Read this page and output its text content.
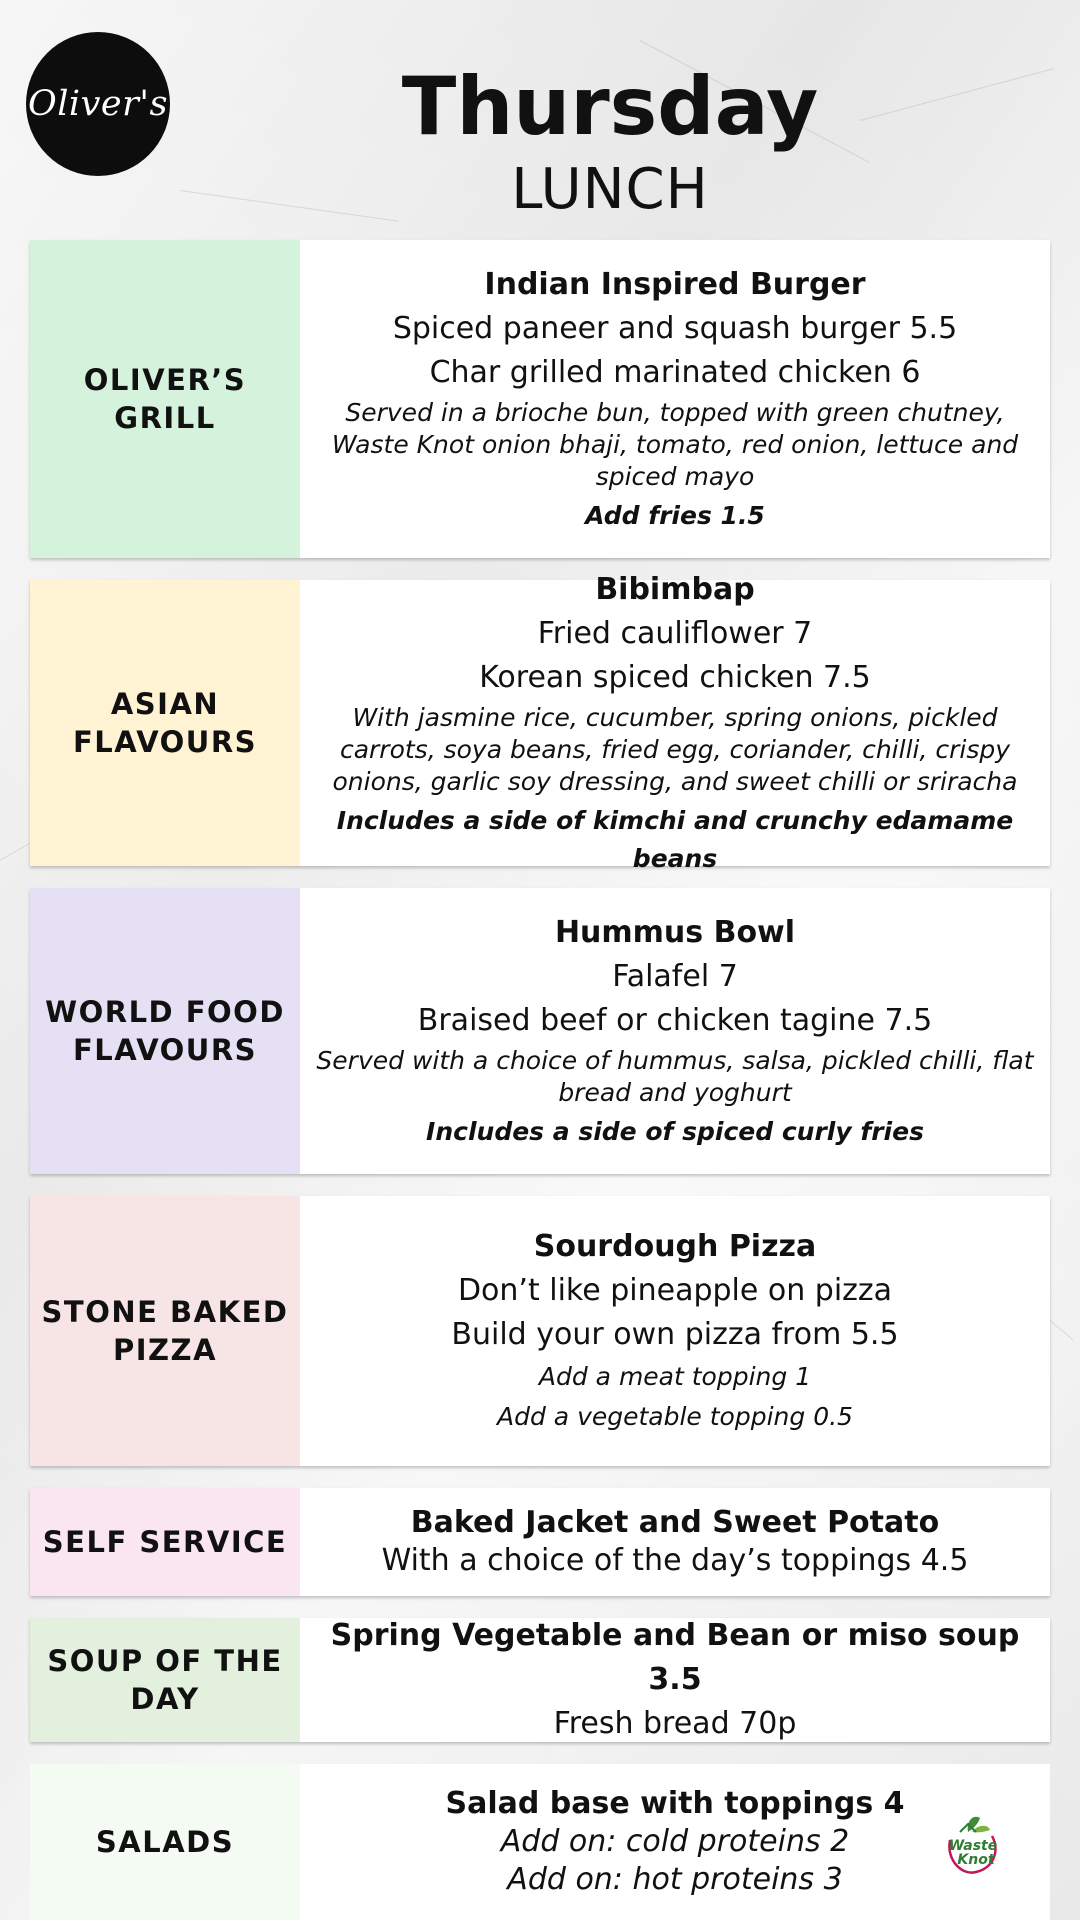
Oliver's	Thursday
LUNCH
OLIVER’S GRILL
Indian Inspired Burger
Spiced paneer and squash burger 5.5
Char grilled marinated chicken 6
Served in a brioche bun, topped with green chutney, Waste Knot onion bhaji, tomato, red onion, lettuce and spiced mayo
Add fries 1.5
ASIAN FLAVOURS
Bibimbap
Fried cauliflower 7
Korean spiced chicken 7.5
With jasmine rice, cucumber, spring onions, pickled carrots, soya beans, fried egg, coriander, chilli, crispy onions, garlic soy dressing, and sweet chilli or sriracha
Includes a side of kimchi and crunchy edamame beans
WORLD FOOD FLAVOURS
Hummus Bowl
Falafel 7
Braised beef or chicken tagine 7.5
Served with a choice of hummus, salsa, pickled chilli, flat bread and yoghurt
Includes a side of spiced curly fries
STONE BAKED PIZZA
Sourdough Pizza
Don’t like pineapple on pizza
Build your own pizza from 5.5
Add a meat topping 1
Add a vegetable topping 0.5
SELF SERVICE
Baked Jacket and Sweet Potato
With a choice of the day’s toppings 4.5
SOUP OF THE DAY
Spring Vegetable and Bean or miso soup 3.5
Fresh bread 70p
SALADS
Salad base with toppings 4
Add on: cold proteins 2
Add on: hot proteins 3
Waste
Knot
